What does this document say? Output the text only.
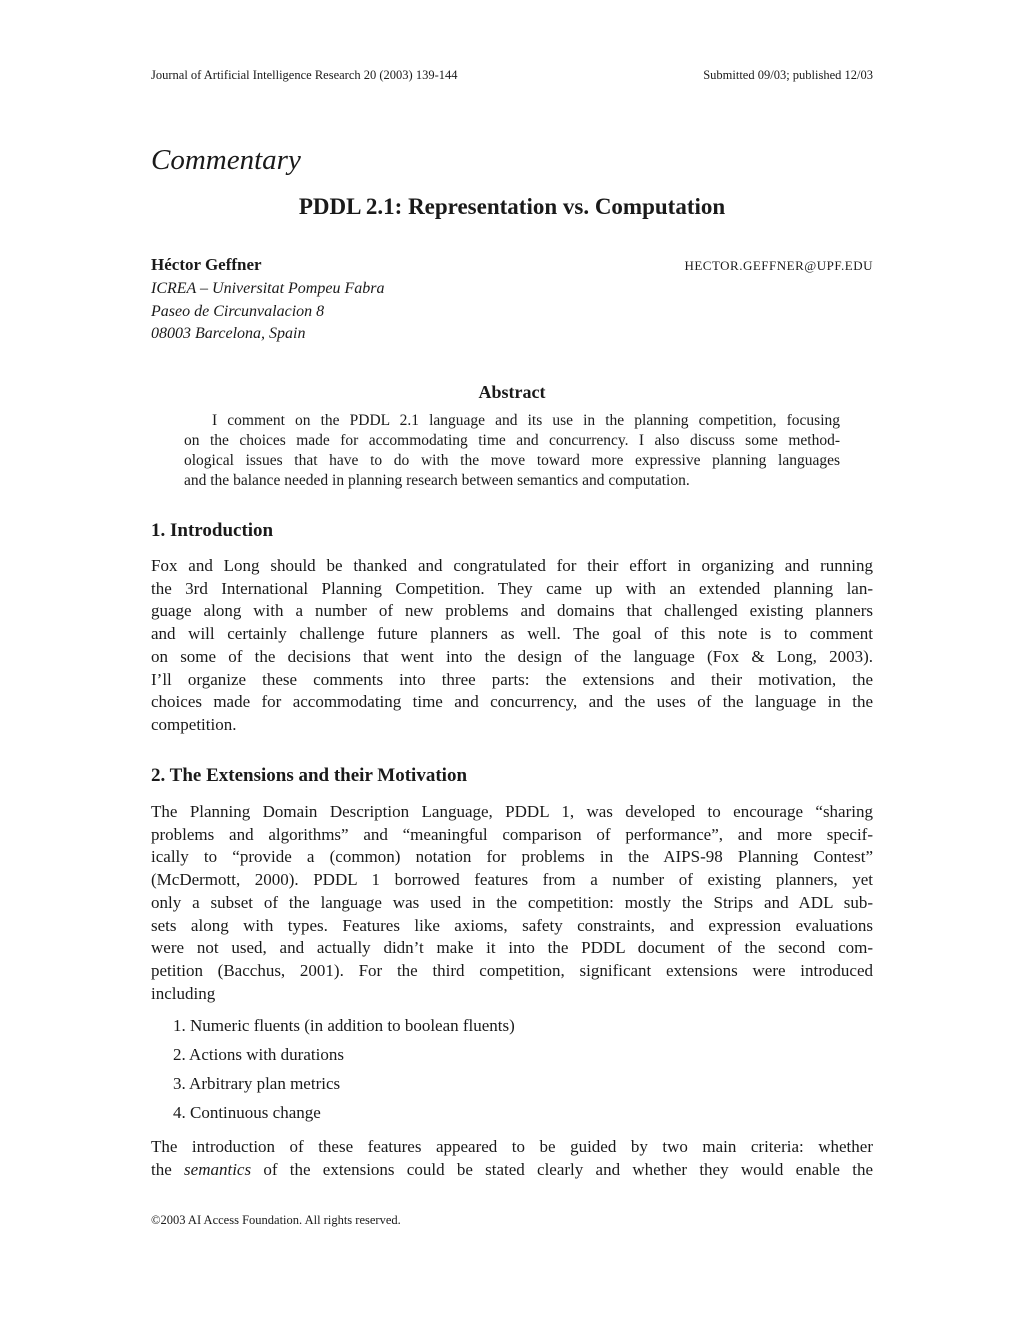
Journal of Artificial Intelligence Research 20 (2003) 139-144	Submitted 09/03; published 12/03
Commentary
PDDL 2.1: Representation vs. Computation
Héctor Geffner	HECTOR.GEFFNER@UPF.EDU
ICREA – Universitat Pompeu Fabra
Paseo de Circunvalacion 8
08003 Barcelona, Spain
Abstract
I comment on the PDDL 2.1 language and its use in the planning competition, focusing
on the choices made for accommodating time and concurrency. I also discuss some method-
ological issues that have to do with the move toward more expressive planning languages
and the balance needed in planning research between semantics and computation.
1. Introduction
Fox and Long should be thanked and congratulated for their effort in organizing and running
the 3rd International Planning Competition. They came up with an extended planning lan-
guage along with a number of new problems and domains that challenged existing planners
and will certainly challenge future planners as well. The goal of this note is to comment
on some of the decisions that went into the design of the language (Fox & Long, 2003).
I’ll organize these comments into three parts: the extensions and their motivation, the
choices made for accommodating time and concurrency, and the uses of the language in the
competition.
2. The Extensions and their Motivation
The Planning Domain Description Language, PDDL 1, was developed to encourage “sharing
problems and algorithms” and “meaningful comparison of performance”, and more specif-
ically to “provide a (common) notation for problems in the AIPS-98 Planning Contest”
(McDermott, 2000). PDDL 1 borrowed features from a number of existing planners, yet
only a subset of the language was used in the competition: mostly the Strips and ADL sub-
sets along with types. Features like axioms, safety constraints, and expression evaluations
were not used, and actually didn’t make it into the PDDL document of the second com-
petition (Bacchus, 2001). For the third competition, significant extensions were introduced
including
1. Numeric fluents (in addition to boolean fluents)
2. Actions with durations
3. Arbitrary plan metrics
4. Continuous change
The introduction of these features appeared to be guided by two main criteria: whether
the semantics of the extensions could be stated clearly and whether they would enable the
©2003 AI Access Foundation. All rights reserved.
